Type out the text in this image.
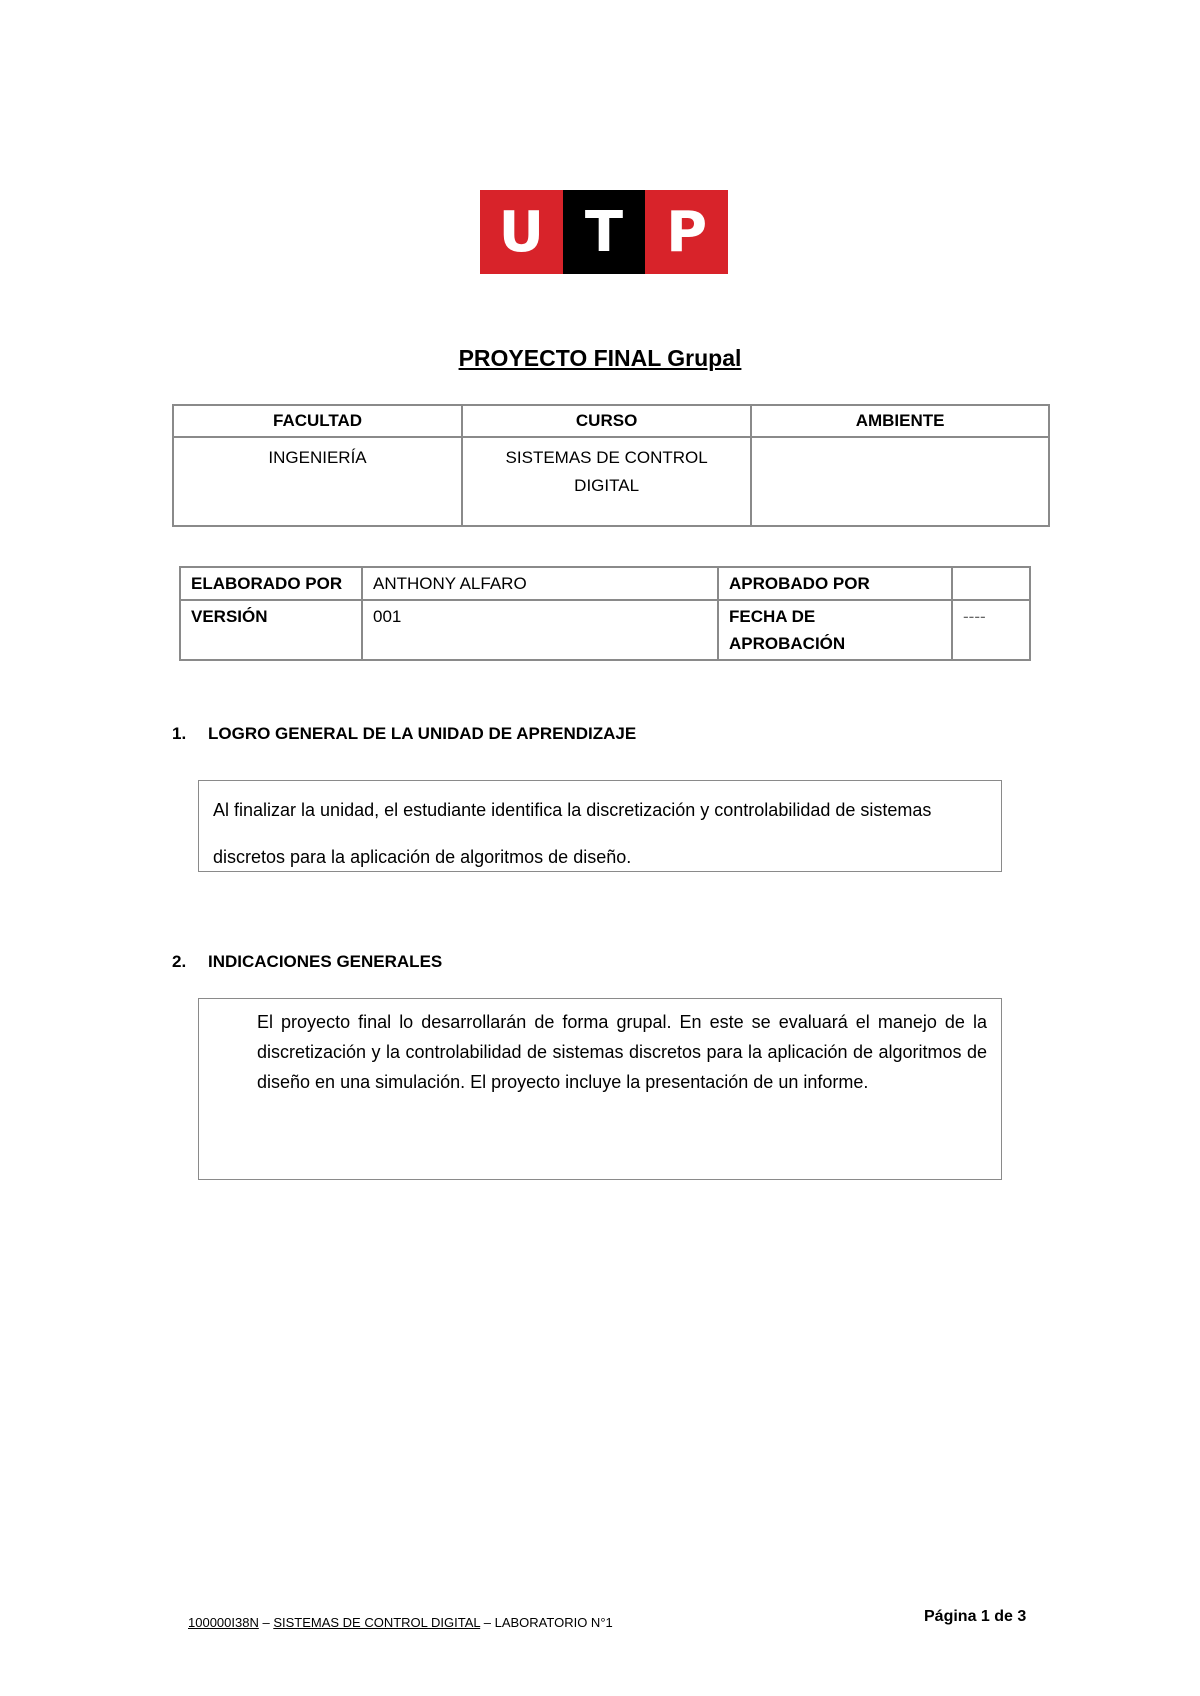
U T P
PROYECTO FINAL Grupal
FACULTAD	CURSO	AMBIENTE
INGENIERÍA	SISTEMAS DE CONTROL DIGITAL	
ELABORADO POR	ANTHONY ALFARO	APROBADO POR	
VERSIÓN	001	FECHA DE APROBACIÓN	----
1. LOGRO GENERAL DE LA UNIDAD DE APRENDIZAJE
Al finalizar la unidad, el estudiante identifica la discretización y controlabilidad de sistemas discretos para la aplicación de algoritmos de diseño.
2. INDICACIONES GENERALES
El proyecto final lo desarrollarán de forma grupal. En este se evaluará el manejo de la discretización y la controlabilidad de sistemas discretos para la aplicación de algoritmos de diseño en una simulación. El proyecto incluye la presentación de un informe.
100000I38N – SISTEMAS DE CONTROL DIGITAL – LABORATORIO N°1	Página 1 de 3
